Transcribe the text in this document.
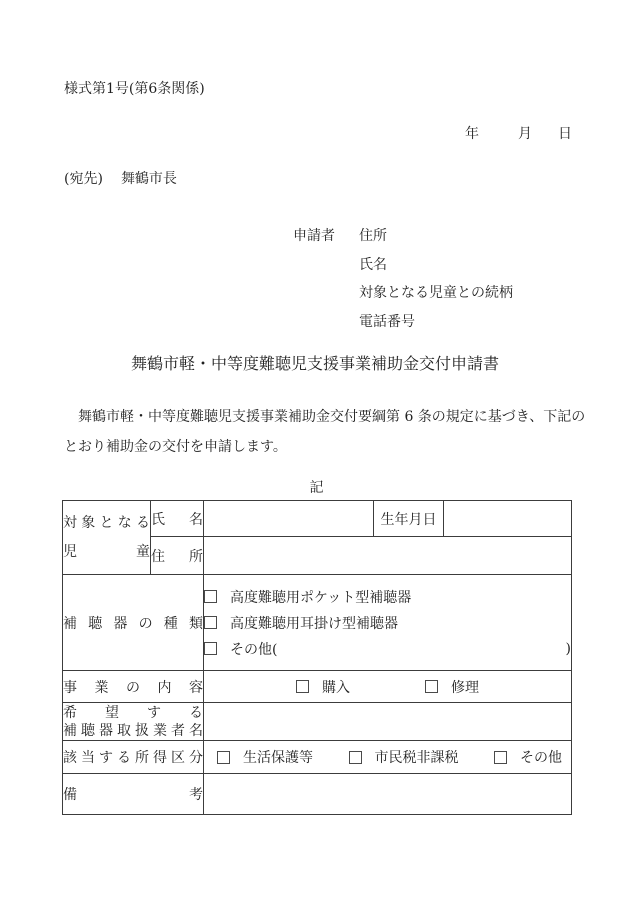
様式第1号(第6条関係)
年	月 日
(宛先) 舞鶴市長
申請者 住所
氏名
対象となる児童との続柄
電話番号
舞鶴市軽・中等度難聴児支援事業補助金交付申請書
　舞鶴市軽・中等度難聴児支援事業補助金交付要綱第 6 条の規定に基づき、下記の
とおり補助金の交付を申請します。
記
対象となる
児童	氏名		生年月日	
	住所			
補聴器の種類		高度難聴用ポケット型補聴器
高度難聴用耳掛け型補聴器
その他( )		

事業の内容		購入 修理		

希望する
補聴器取扱業者名				

該当する所得区分		生活保護等 市民税非課税 その他		

備考				
